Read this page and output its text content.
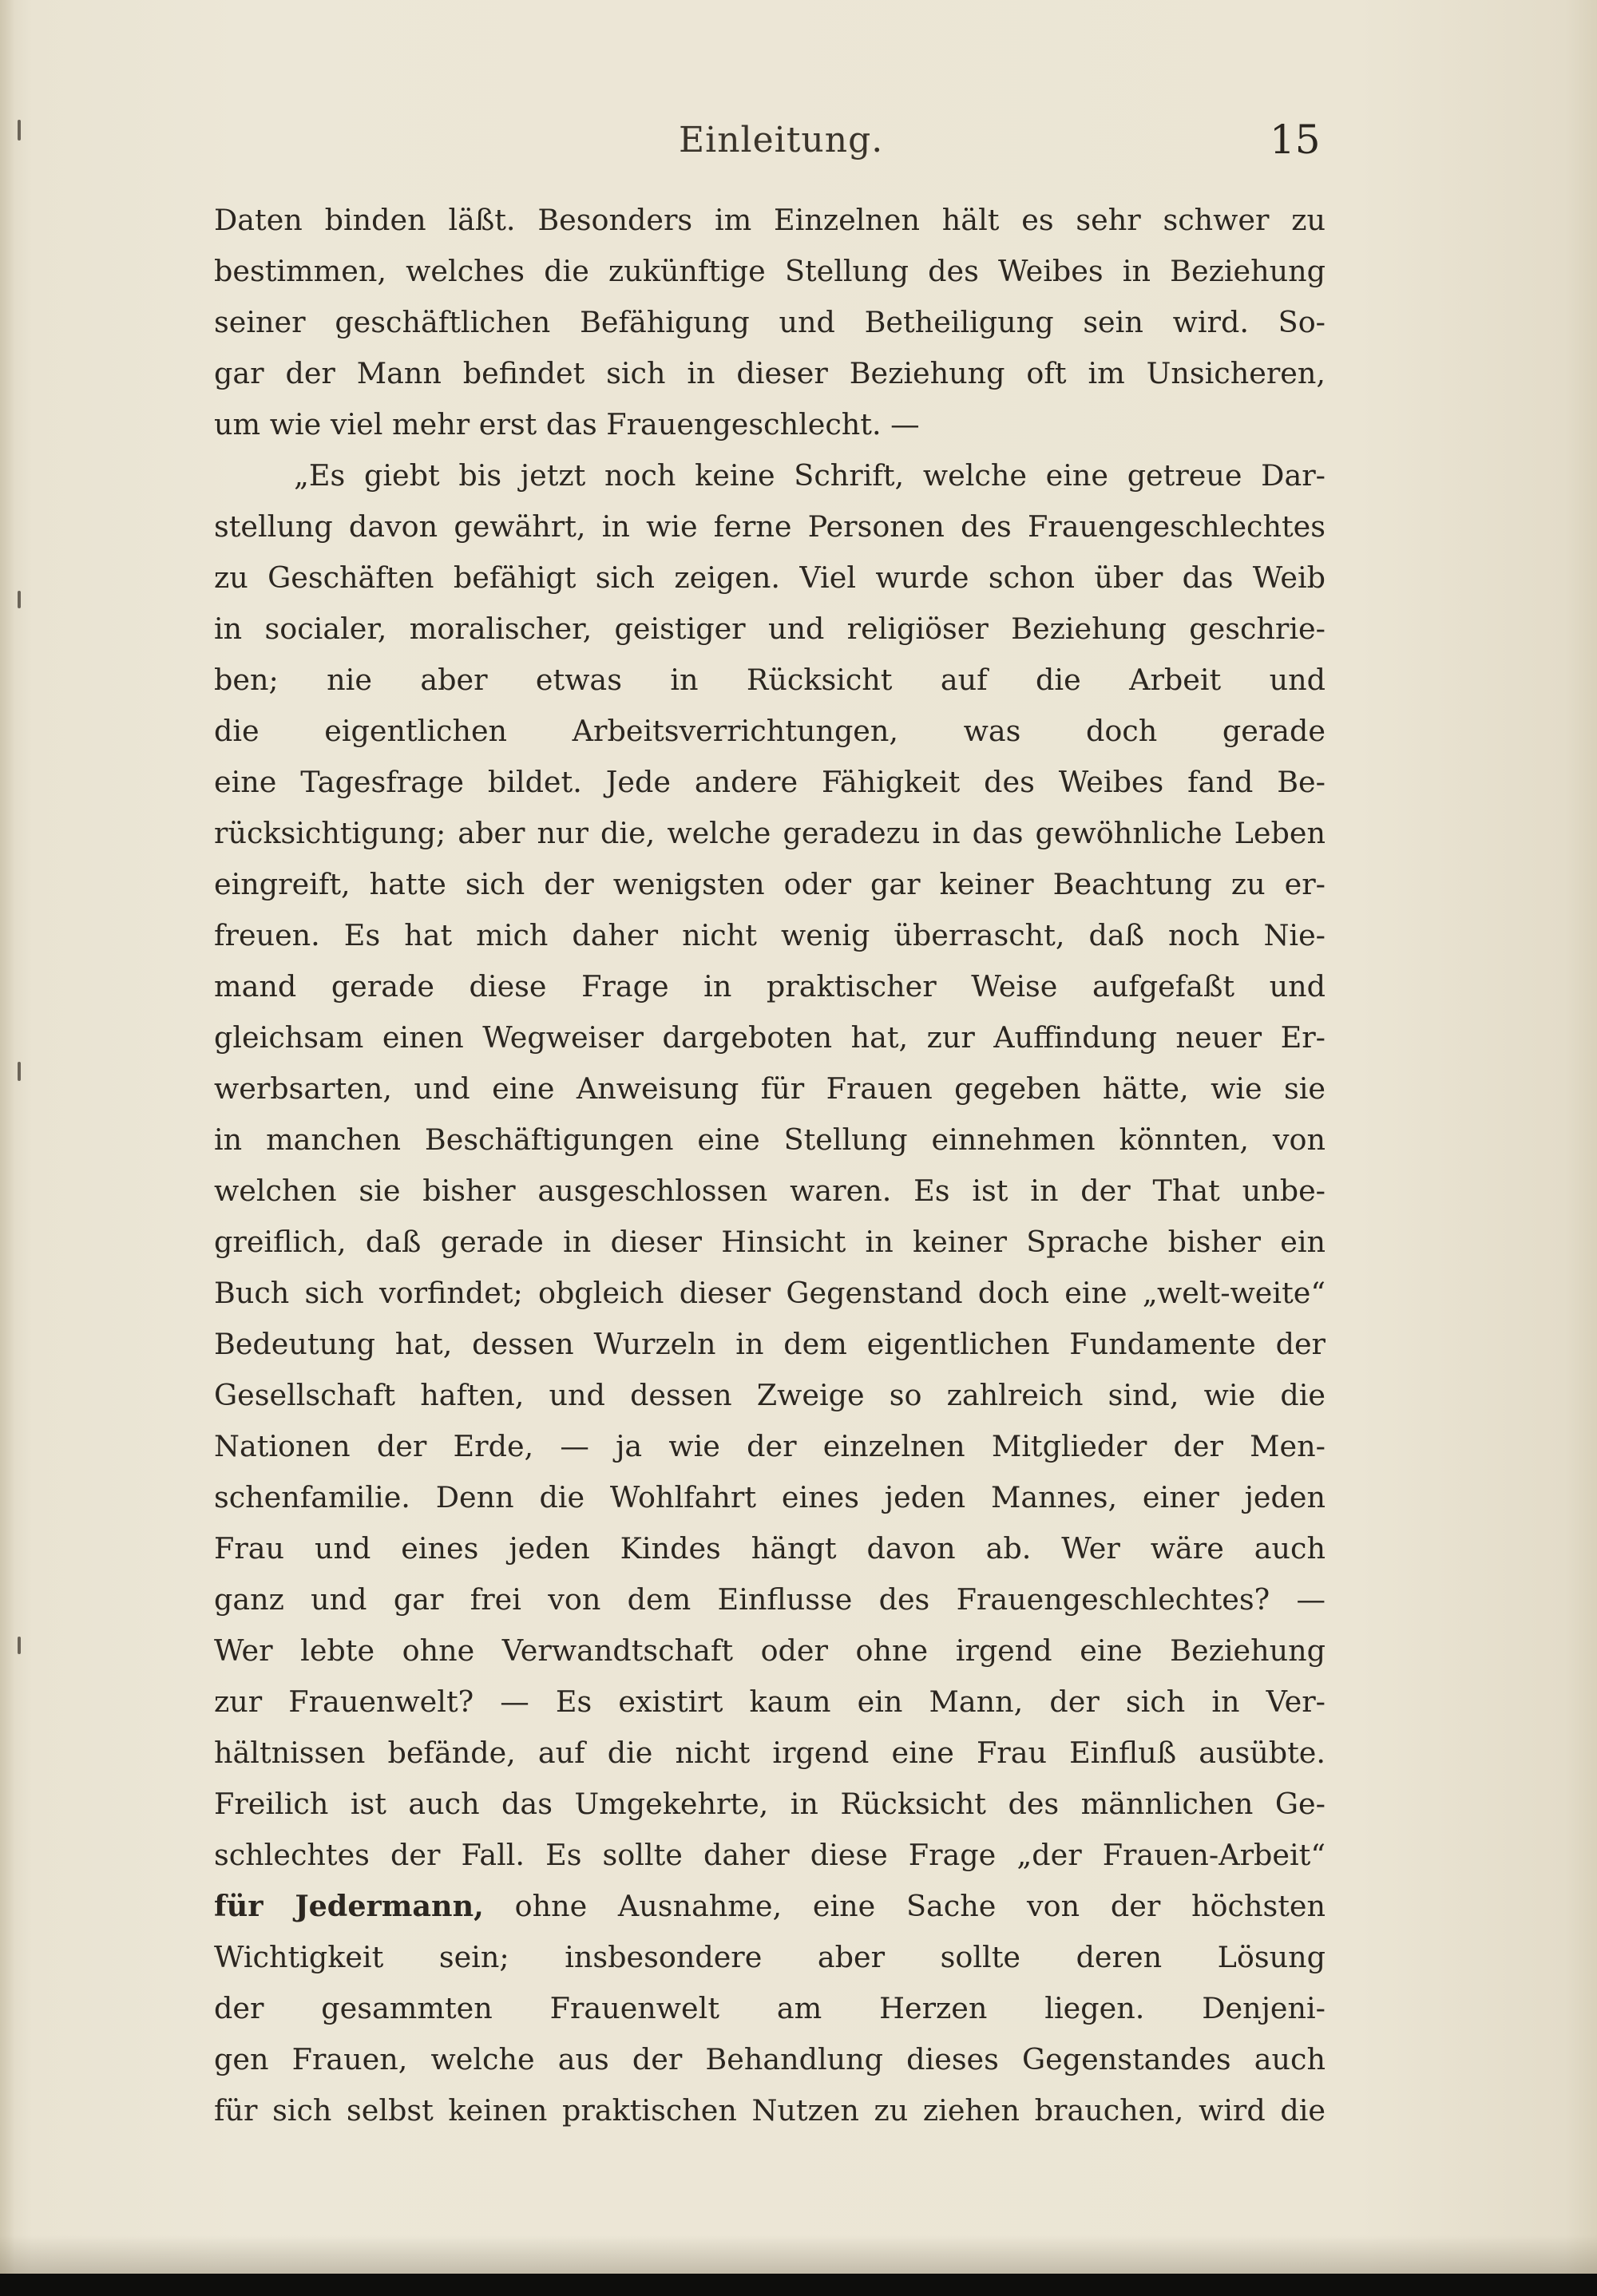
Einleitung.	15
Daten binden läßt. Besonders im Einzelnen hält es sehr schwer zu
bestimmen, welches die zukünftige Stellung des Weibes in Beziehung
seiner geschäftlichen Befähigung und Betheiligung sein wird. So-
gar der Mann befindet sich in dieser Beziehung oft im Unsicheren,
um wie viel mehr erst das Frauengeschlecht. —
„Es giebt bis jetzt noch keine Schrift, welche eine getreue Dar-
stellung davon gewährt, in wie ferne Personen des Frauengeschlechtes
zu Geschäften befähigt sich zeigen. Viel wurde schon über das Weib
in socialer, moralischer, geistiger und religiöser Beziehung geschrie-
ben; nie aber etwas in Rücksicht auf die Arbeit und
die eigentlichen Arbeitsverrichtungen, was doch gerade
eine Tagesfrage bildet. Jede andere Fähigkeit des Weibes fand Be-
rücksichtigung; aber nur die, welche geradezu in das gewöhnliche Leben
eingreift, hatte sich der wenigsten oder gar keiner Beachtung zu er-
freuen. Es hat mich daher nicht wenig überrascht, daß noch Nie-
mand gerade diese Frage in praktischer Weise aufgefaßt und
gleichsam einen Wegweiser dargeboten hat, zur Auffindung neuer Er-
werbsarten, und eine Anweisung für Frauen gegeben hätte, wie sie
in manchen Beschäftigungen eine Stellung einnehmen könnten, von
welchen sie bisher ausgeschlossen waren. Es ist in der That unbe-
greiflich, daß gerade in dieser Hinsicht in keiner Sprache bisher ein
Buch sich vorfindet; obgleich dieser Gegenstand doch eine „welt-weite“
Bedeutung hat, dessen Wurzeln in dem eigentlichen Fundamente der
Gesellschaft haften, und dessen Zweige so zahlreich sind, wie die
Nationen der Erde, — ja wie der einzelnen Mitglieder der Men-
schenfamilie. Denn die Wohlfahrt eines jeden Mannes, einer jeden
Frau und eines jeden Kindes hängt davon ab. Wer wäre auch
ganz und gar frei von dem Einflusse des Frauengeschlechtes? —
Wer lebte ohne Verwandtschaft oder ohne irgend eine Beziehung
zur Frauenwelt? — Es existirt kaum ein Mann, der sich in Ver-
hältnissen befände, auf die nicht irgend eine Frau Einfluß ausübte.
Freilich ist auch das Umgekehrte, in Rücksicht des männlichen Ge-
schlechtes der Fall. Es sollte daher diese Frage „der Frauen-Arbeit“
für Jedermann, ohne Ausnahme, eine Sache von der höchsten
Wichtigkeit sein; insbesondere aber sollte deren Lösung
der gesammten Frauenwelt am Herzen liegen. Denjeni-
gen Frauen, welche aus der Behandlung dieses Gegenstandes auch
für sich selbst keinen praktischen Nutzen zu ziehen brauchen, wird die
